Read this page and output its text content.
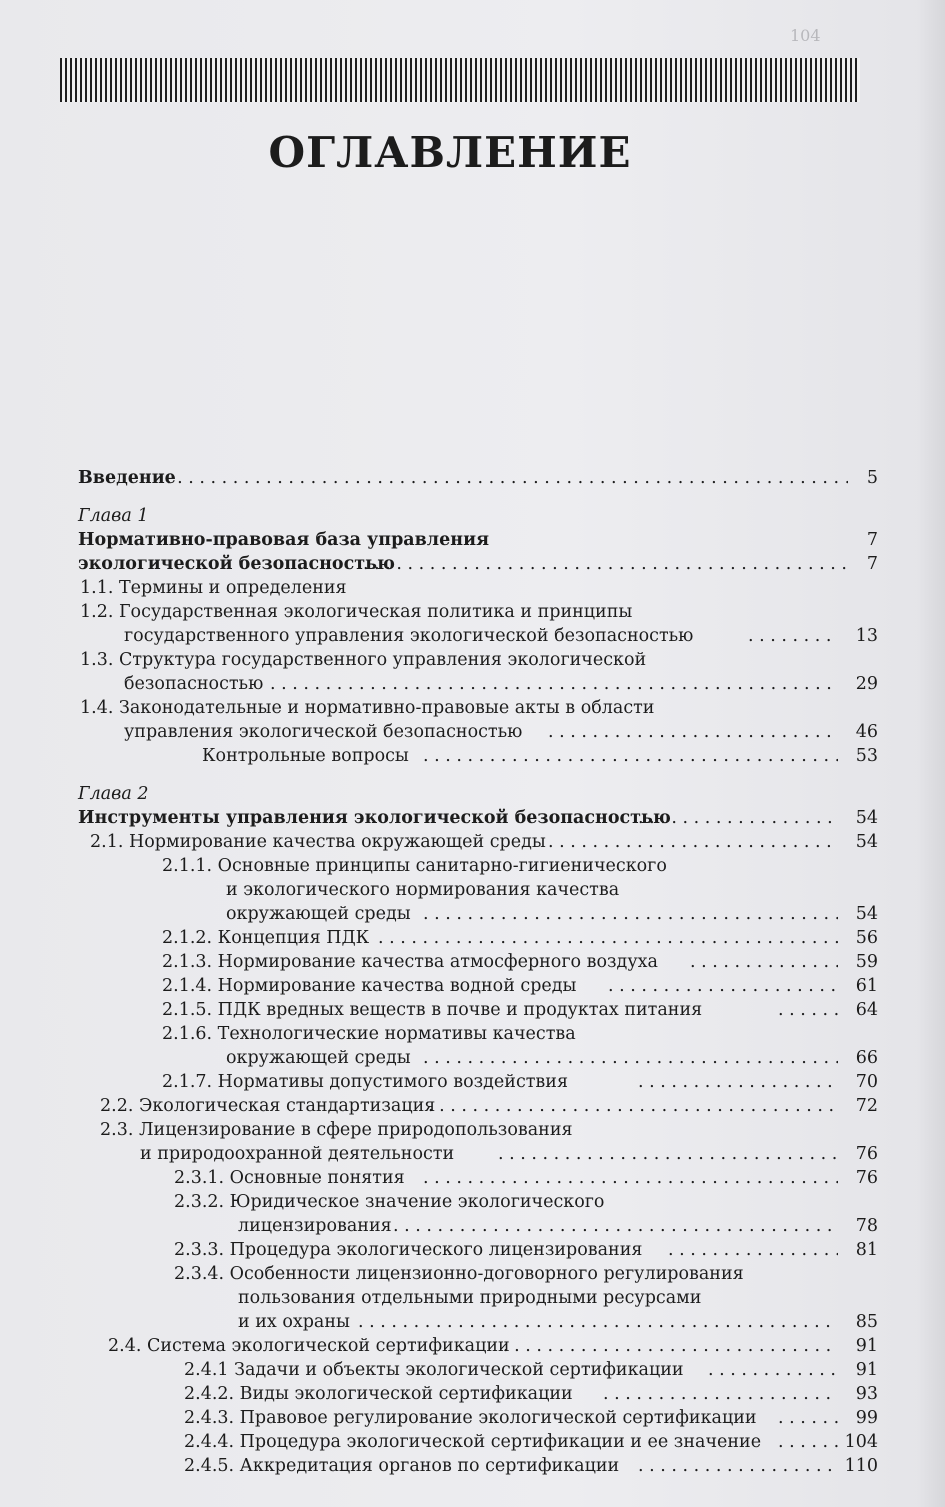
104
ОГЛАВЛЕНИЕ
Введение . . .	5
Глава 1
Нормативно-правовая база управления	7
экологической безопасностью . . .	7
1.1. Термины и определения
1.2. Государственная экологическая политика и принципы
государственного управления экологической безопасностью . . .	13
1.3. Структура государственного управления экологической
безопасностью . . .	29
1.4. Законодательные и нормативно-правовые акты в области
управления экологической безопасностью . . .	46
Контрольные вопросы . . .	53
Глава 2
Инструменты управления экологической безопасностью . . .	54
2.1. Нормирование качества окружающей среды . . .	54
2.1.1. Основные принципы санитарно-гигиенического
и экологического нормирования качества
окружающей среды . . .	54
2.1.2. Концепция ПДК . . .	56
2.1.3. Нормирование качества атмосферного воздуха . . .	59
2.1.4. Нормирование качества водной среды . . .	61
2.1.5. ПДК вредных веществ в почве и продуктах питания . . .	64
2.1.6. Технологические нормативы качества
окружающей среды . . .	66
2.1.7. Нормативы допустимого воздействия . . .	70
2.2. Экологическая стандартизация . . .	72
2.3. Лицензирование в сфере природопользования
и природоохранной деятельности . . .	76
2.3.1. Основные понятия . . .	76
2.3.2. Юридическое значение экологического
лицензирования . . .	78
2.3.3. Процедура экологического лицензирования . . .	81
2.3.4. Особенности лицензионно-договорного регулирования
пользования отдельными природными ресурсами
и их охраны . . .	85
2.4. Система экологической сертификации . . .	91
2.4.1 Задачи и объекты экологической сертификации . . .	91
2.4.2. Виды экологической сертификации . . .	93
2.4.3. Правовое регулирование экологической сертификации . . .	99
2.4.4. Процедура экологической сертификации и ее значение . . .	104
2.4.5. Аккредитация органов по сертификации . . .	110
